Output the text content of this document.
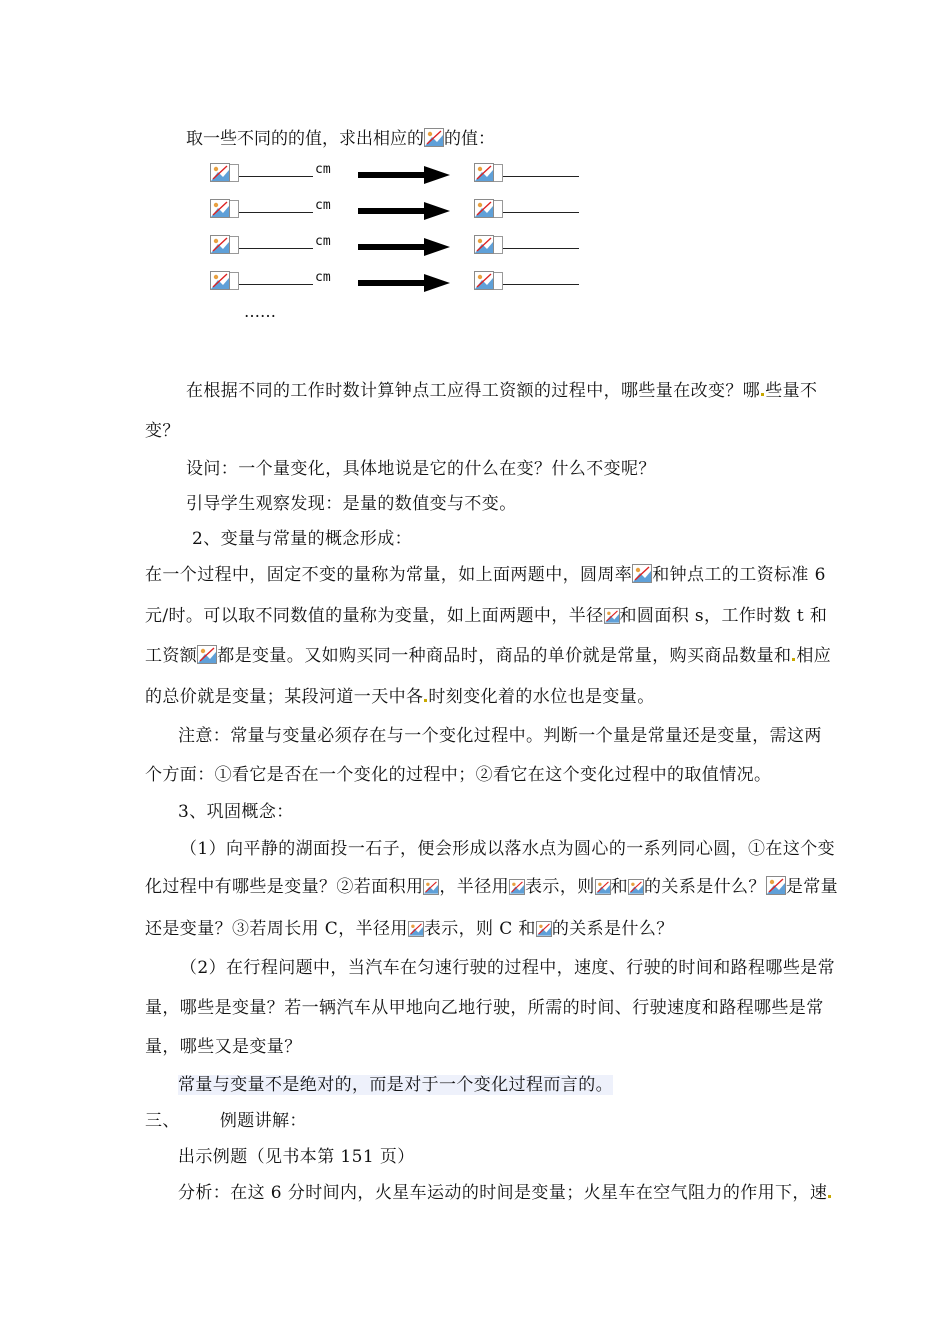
取一些不同的的值，求出相应的 的值：
$^{cm}$
$^{cm}$
$^{cm}$
$^{cm}$
……
在根据不同的工作时数计算钟点工应得工资额的过程中，哪些量在改变？哪 些量不
变？
设问：一个量变化，具体地说是它的什么在变？什么不变呢？
引导学生观察发现：是量的数值变与不变。
2、变量与常量的概念形成：
在一个过程中，固定不变的量称为常量，如上面两题中，圆周率 和钟点工的工资标准 6
元/时。可以取不同数值的量称为变量，如上面两题中，半径 和圆面积 s，工作时数 t 和
工资额 都是变量。又如购买同一种商品时，商品的单价就是常量，购买商品数量和 相应
的总价就是变量；某段河道一天中各 时刻变化着的水位也是变量。
注意：常量与变量必须存在与一个变化过程中。判断一个量是常量还是变量，需这两
个方面：①看它是否在一个变化的过程中；②看它在这个变化过程中的取值情况。
3、巩固概念：
（1）向平静的湖面投一石子，便会形成以落水点为圆心的一系列同心圆，①在这个变
化过程中有哪些是变量？②若面积用 ，半径用 表示，则 和 的关系是什么？ 是常量
还是变量？③若周长用 C，半径用 表示，则 C 和 的关系是什么？
（2）在行程问题中，当汽车在匀速行驶的过程中，速度、行驶的时间和路程哪些是常
量，哪些是变量？若一辆汽车从甲地向乙地行驶，所需的时间、行驶速度和路程哪些是常
量，哪些又是变量？
常量与变量不是绝对的，而是对于一个变化过程而言的。
三、 例题讲解：
出示例题（见书本第 151 页）
分析：在这 6 分时间内，火星车运动的时间是变量；火星车在空气阻力的作用下，速
